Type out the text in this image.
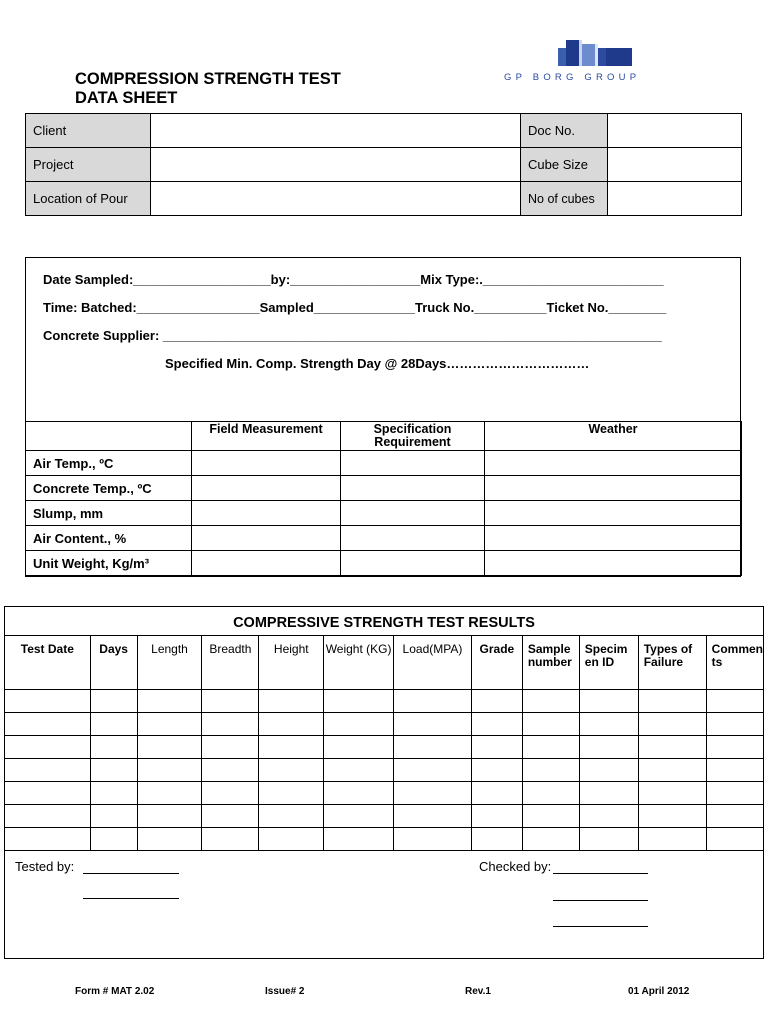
COMPRESSION STRENGTH TEST
DATA SHEET
GP BORG GROUP
Client		Doc No.	
Project		Cube Size	
Location of Pour		No of cubes	
Date Sampled:___________________by:__________________Mix Type:._________________________
Time: Batched:_________________Sampled______________Truck No.__________Ticket No.________
Concrete Supplier: _____________________________________________________________________
Specified Min. Comp. Strength Day @ 28Days……………………………
	Field Measurement	Specification Requirement	Weather
Air Temp., ºC			
Concrete Temp., ºC			
Slump, mm			
Air Content., %			
Unit Weight, Kg/m³			
COMPRESSIVE STRENGTH TEST RESULTS
Test Date	Days	Length	Breadth	Height	Weight (KG)	Load(MPA)	Grade	Sample number	Specim en ID	Types of Failure	Commen ts

Tested by:	Checked by:
Form # MAT 2.02	Issue# 2	Rev.1	01 April 2012
